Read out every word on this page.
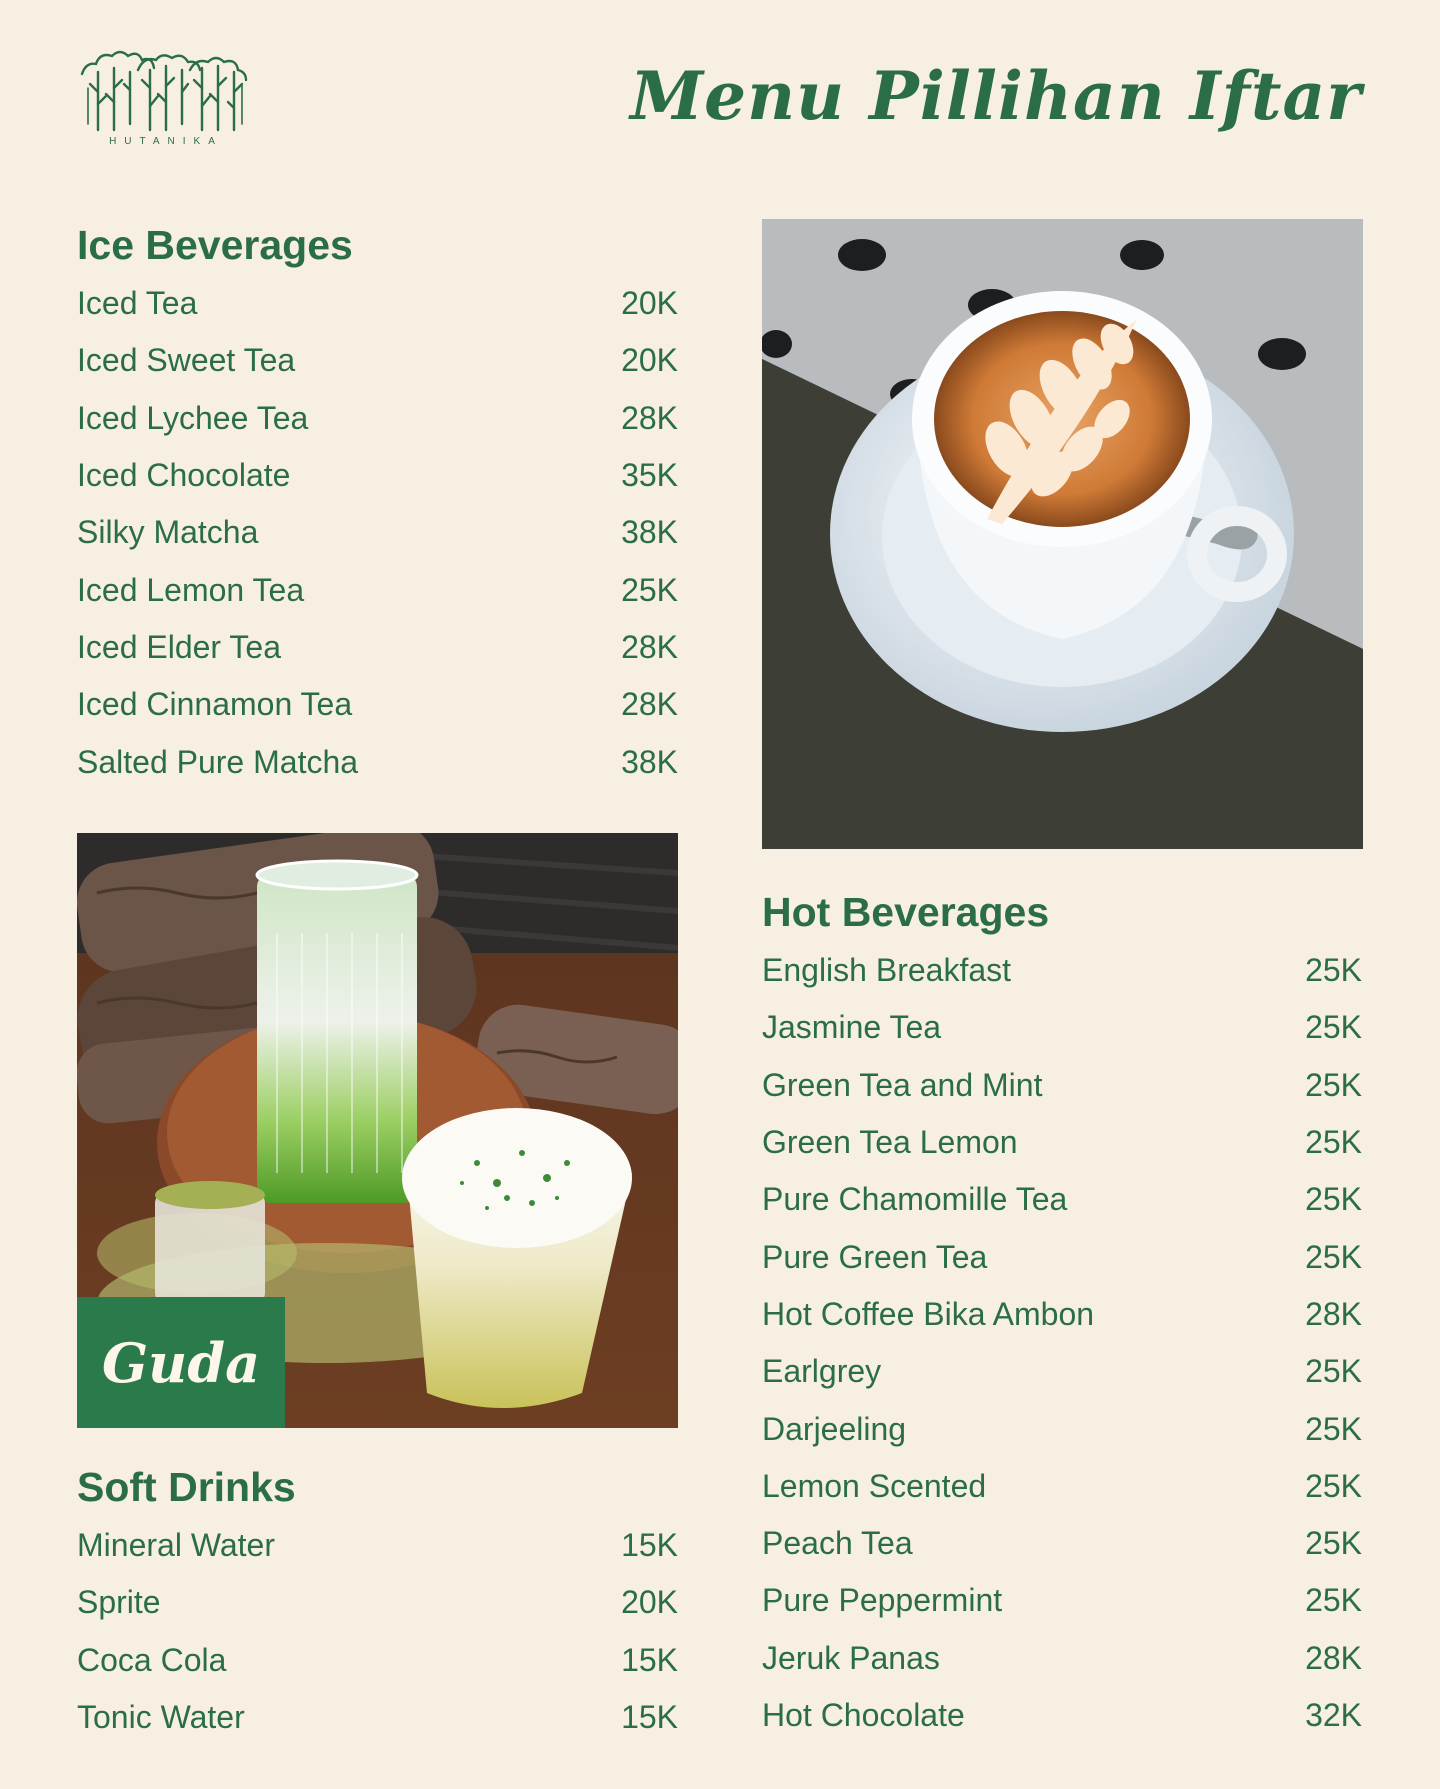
HUTANIKA
Menu Pillihan Iftar
Ice Beverages
Iced Tea	20K
Iced Sweet Tea	20K
Iced Lychee Tea	28K
Iced Chocolate	35K
Silky Matcha	38K
Iced Lemon Tea	25K
Iced Elder Tea	28K
Iced Cinnamon Tea	28K
Salted Pure Matcha	38K
Guda
Soft Drinks
Mineral Water	15K
Sprite	20K
Coca Cola	15K
Tonic Water	15K
Hot Beverages
English Breakfast	25K
Jasmine Tea	25K
Green Tea and Mint	25K
Green Tea Lemon	25K
Pure Chamomille Tea	25K
Pure Green Tea	25K
Hot Coffee Bika Ambon	28K
Earlgrey	25K
Darjeeling	25K
Lemon Scented	25K
Peach Tea	25K
Pure Peppermint	25K
Jeruk Panas	28K
Hot Chocolate	32K
